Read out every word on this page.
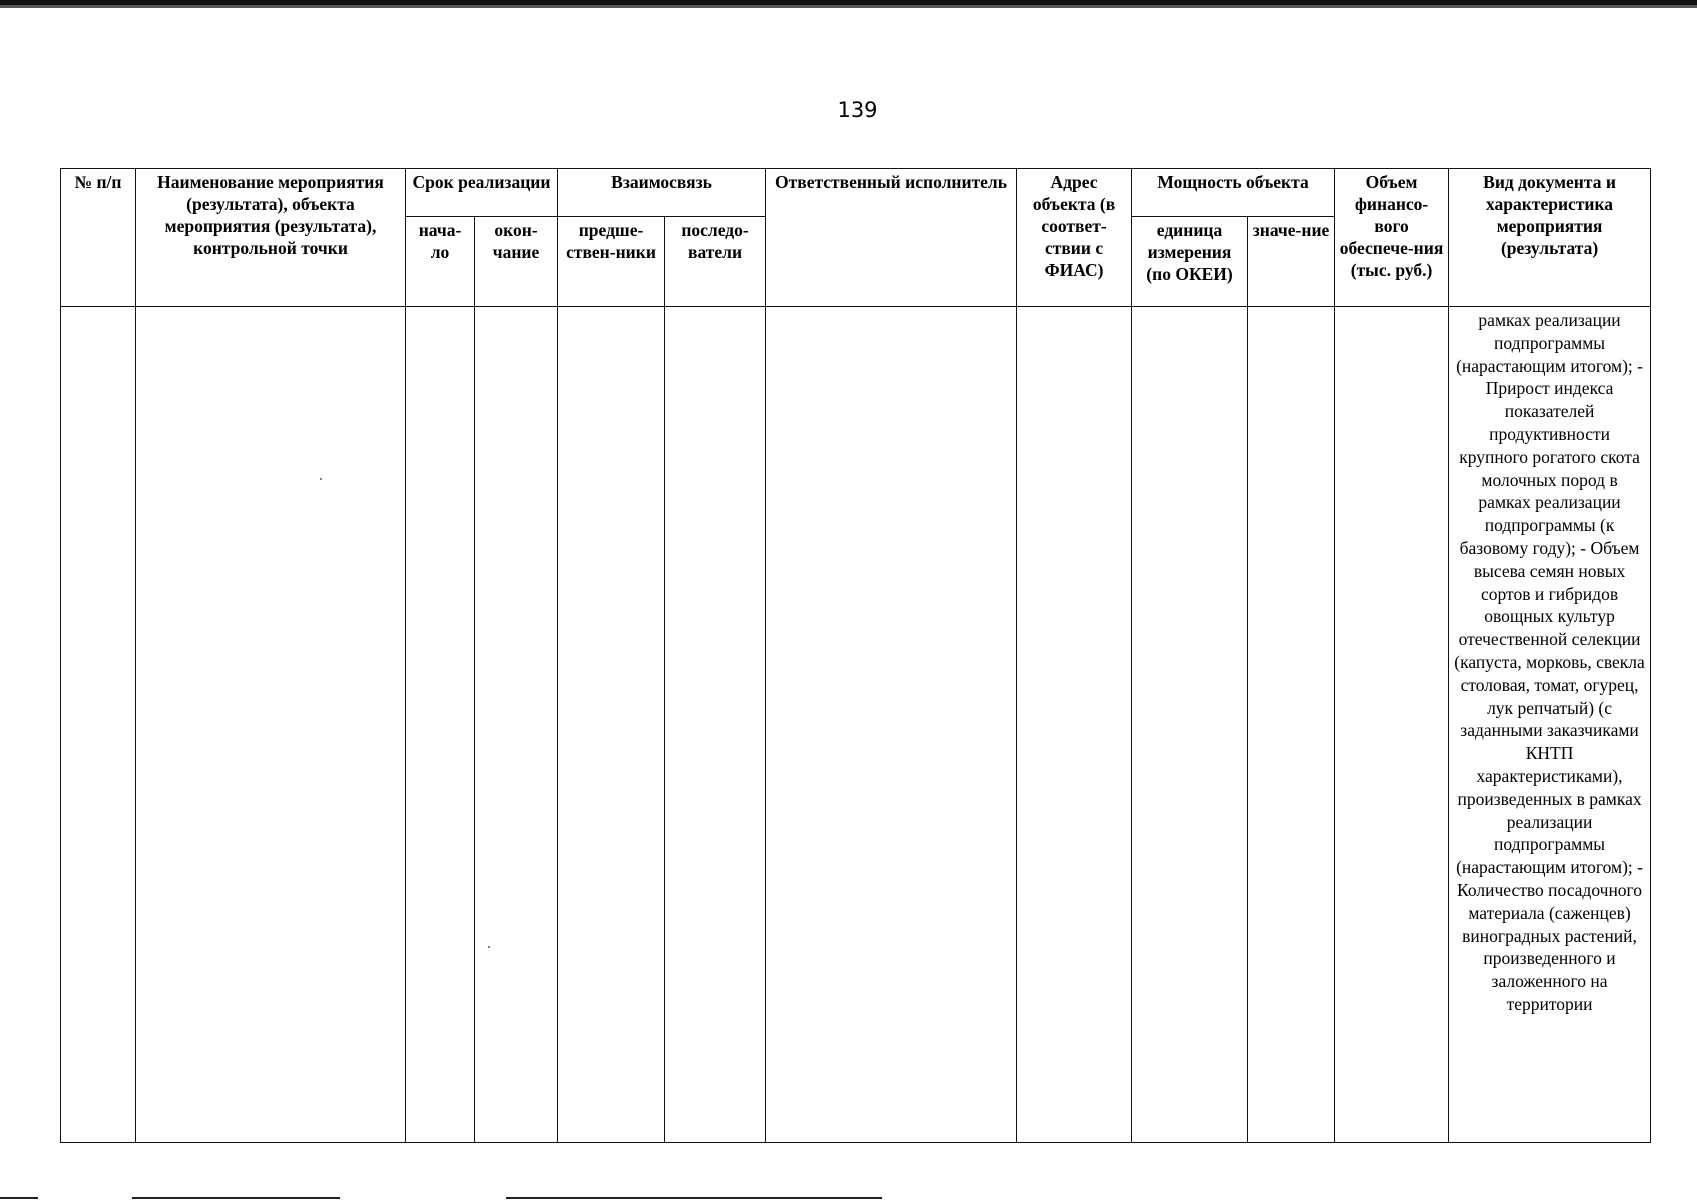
139
№ п/п	Наименование мероприятия (результата), объекта мероприятия (результата), контрольной точки	Срок реализации		Взаимосвязь		Ответственный исполнитель	Адрес объекта (в соответ-ствии с ФИАС)	Мощность объекта		Объем финансо-вого обеспече-ния (тыс. руб.)	Вид документа и характеристика мероприятия (результата)
		нача-ло	окон-чание	предше-ствен-ники	последо-ватели			единица измерения (по ОКЕИ)	значе-ние		
											рамках реализации подпрограммы (нарастающим итогом); - Прирост индекса показателей продуктивности крупного рогатого скота молочных пород в рамках реализации подпрограммы (к базовому году); - Объем высева семян новых сортов и гибридов овощных культур отечественной селекции (капуста, морковь, свекла столовая, томат, огурец, лук репчатый) (с заданными заказчиками КНТП характеристиками), произведенных в рамках реализации подпрограммы (нарастающим итогом); - Количество посадочного материала (саженцев) виноградных растений, произведенного и заложенного на территории
